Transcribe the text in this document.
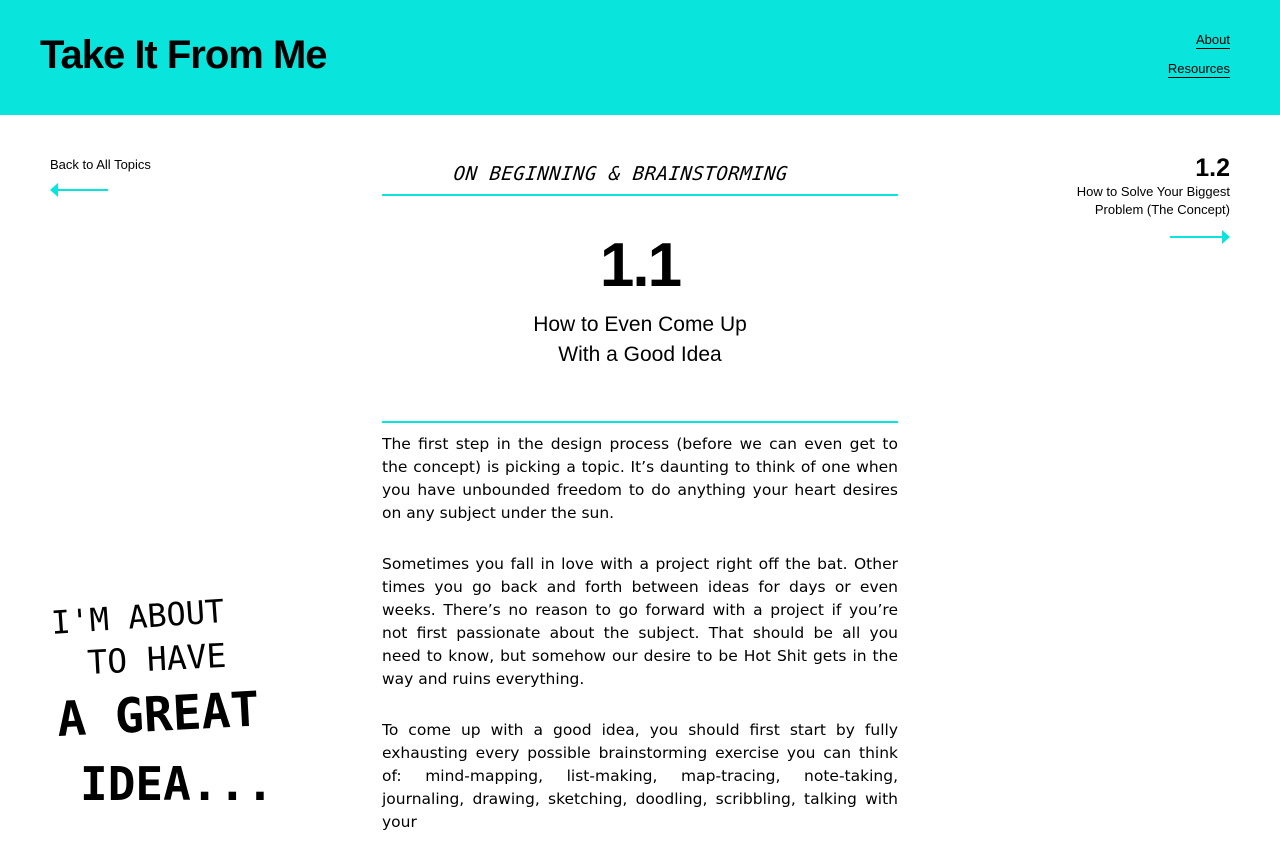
Take It From Me	About
Resources
Back to All Topics	1.2
How to Solve Your Biggest
Problem (The Concept)
ON BEGINNING & BRAINSTORMING
1.1
How to Even Come Up
With a Good Idea

The first step in the design process (before we can even get to the concept) is picking a topic. It’s daunting to think of one when you have unbounded freedom to do anything your heart desires on any subject under the sun.

Sometimes you fall in love with a project right off the bat. Other times you go back and forth between ideas for days or even weeks. There’s no reason to go forward with a project if you’re not first passionate about the subject. That should be all you need to know, but somehow our desire to be Hot Shit gets in the way and ruins everything.

To come up with a good idea, you should first start by fully exhausting every possible brainstorming exercise you can think of: mind-mapping, list-making, map-tracing, note-taking, journaling, drawing, sketching, doodling, scribbling, talking with your

I'M ABOUT
TO HAVE
A GREAT
IDEA...
